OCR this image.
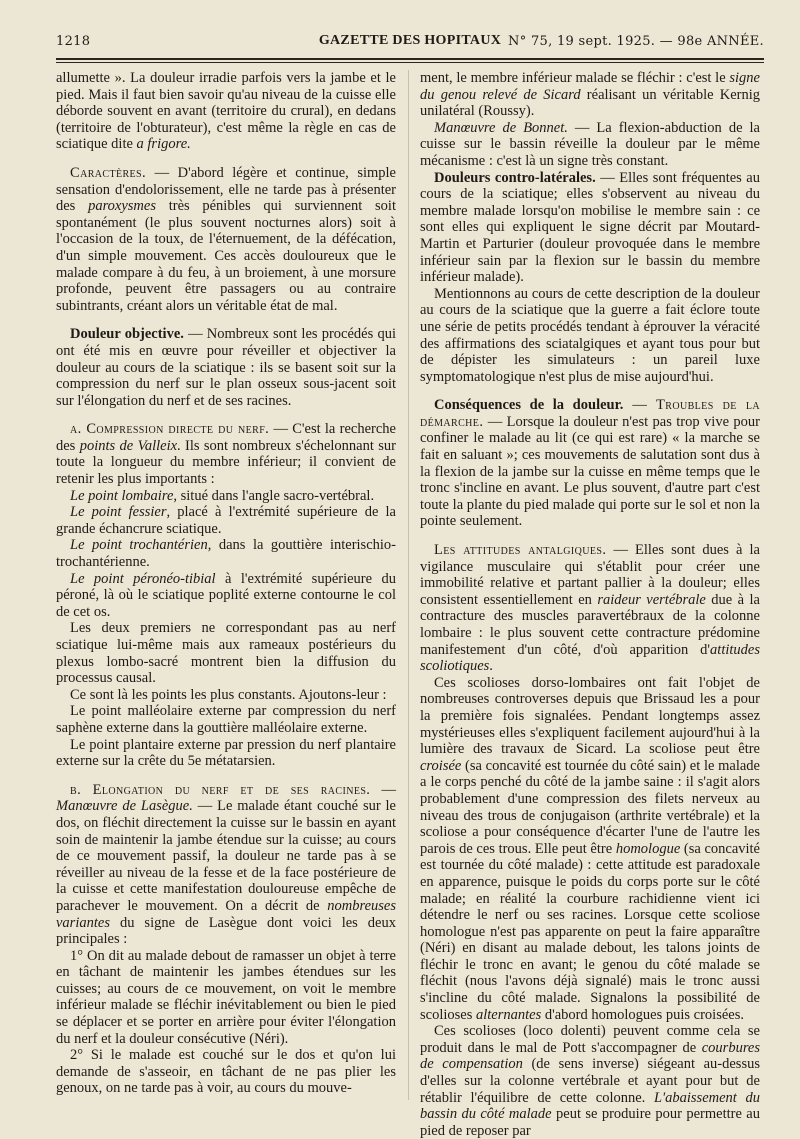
1218	GAZETTE DES HOPITAUX N° 75, 19 sept. 1925. — 98e ANNÉE.

allumette ». La douleur irradie parfois vers la jambe et le pied. Mais il faut bien savoir qu'au niveau de la cuisse elle déborde souvent en avant (territoire du crural), en dedans (territoire de l'obturateur), c'est même la règle en cas de sciatique dite a frigore.

Caractères. — D'abord légère et continue, simple sensation d'endolorissement, elle ne tarde pas à présenter des paroxysmes très pénibles qui surviennent soit spontanément (le plus souvent nocturnes alors) soit à l'occasion de la toux, de l'éternuement, de la défécation, d'un simple mouvement. Ces accès douloureux que le malade compare à du feu, à un broiement, à une morsure profonde, peuvent être passagers ou au contraire subintrants, créant alors un véritable état de mal.

Douleur objective. — Nombreux sont les procédés qui ont été mis en œuvre pour réveiller et objectiver la douleur au cours de la sciatique : ils se basent soit sur la compression du nerf sur le plan osseux sous-jacent soit sur l'élongation du nerf et de ses racines.

a. Compression directe du nerf. — C'est la recherche des points de Valleix. Ils sont nombreux s'échelonnant sur toute la longueur du membre inférieur; il convient de retenir les plus importants :

Le point lombaire, situé dans l'angle sacro-vertébral.

Le point fessier, placé à l'extrémité supérieure de la grande échancrure sciatique.

Le point trochantérien, dans la gouttière interischio-trochantérienne.

Le point péronéo-tibial à l'extrémité supérieure du péroné, là où le sciatique poplité externe contourne le col de cet os.

Les deux premiers ne correspondant pas au nerf sciatique lui-même mais aux rameaux postérieurs du plexus lombo-sacré montrent bien la diffusion du processus causal.

Ce sont là les points les plus constants. Ajoutons-leur :

Le point malléolaire externe par compression du nerf saphène externe dans la gouttière malléolaire externe.

Le point plantaire externe par pression du nerf plantaire externe sur la crête du 5e métatarsien.

b. Elongation du nerf et de ses racines. — Manœuvre de Lasègue. — Le malade étant couché sur le dos, on fléchit directement la cuisse sur le bassin en ayant soin de maintenir la jambe étendue sur la cuisse; au cours de ce mouvement passif, la douleur ne tarde pas à se réveiller au niveau de la fesse et de la face postérieure de la cuisse et cette manifestation douloureuse empêche de parachever le mouvement. On a décrit de nombreuses variantes du signe de Lasègue dont voici les deux principales :

1° On dit au malade debout de ramasser un objet à terre en tâchant de maintenir les jambes étendues sur les cuisses; au cours de ce mouvement, on voit le membre inférieur malade se fléchir inévitablement ou bien le pied se déplacer et se porter en arrière pour éviter l'élongation du nerf et la douleur consécutive (Néri).

2° Si le malade est couché sur le dos et qu'on lui demande de s'asseoir, en tâchant de ne pas plier les genoux, on ne tarde pas à voir, au cours du mouve-

ment, le membre inférieur malade se fléchir : c'est le signe du genou relevé de Sicard réalisant un véritable Kernig unilatéral (Roussy).

Manœuvre de Bonnet. — La flexion-abduction de la cuisse sur le bassin réveille la douleur par le même mécanisme : c'est là un signe très constant.

Douleurs contro-latérales. — Elles sont fréquentes au cours de la sciatique; elles s'observent au niveau du membre malade lorsqu'on mobilise le membre sain : ce sont elles qui expliquent le signe décrit par Moutard-Martin et Parturier (douleur provoquée dans le membre inférieur sain par la flexion sur le bassin du membre inférieur malade).

Mentionnons au cours de cette description de la douleur au cours de la sciatique que la guerre a fait éclore toute une série de petits procédés tendant à éprouver la véracité des affirmations des sciatalgiques et ayant tous pour but de dépister les simulateurs : un pareil luxe symptomatologique n'est plus de mise aujourd'hui.

Conséquences de la douleur. — Troubles de la démarche. — Lorsque la douleur n'est pas trop vive pour confiner le malade au lit (ce qui est rare) « la marche se fait en saluant »; ces mouvements de salutation sont dus à la flexion de la jambe sur la cuisse en même temps que le tronc s'incline en avant. Le plus souvent, d'autre part c'est toute la plante du pied malade qui porte sur le sol et non la pointe seulement.

Les attitudes antalgiques. — Elles sont dues à la vigilance musculaire qui s'établit pour créer une immobilité relative et partant pallier à la douleur; elles consistent essentiellement en raideur vertébrale due à la contracture des muscles paravertébraux de la colonne lombaire : le plus souvent cette contracture prédomine manifestement d'un côté, d'où apparition d'attitudes scoliotiques.

Ces scolioses dorso-lombaires ont fait l'objet de nombreuses controverses depuis que Brissaud les a pour la première fois signalées. Pendant longtemps assez mystérieuses elles s'expliquent facilement aujourd'hui à la lumière des travaux de Sicard. La scoliose peut être croisée (sa concavité est tournée du côté sain) et le malade a le corps penché du côté de la jambe saine : il s'agit alors probablement d'une compression des filets nerveux au niveau des trous de conjugaison (arthrite vertébrale) et la scoliose a pour conséquence d'écarter l'une de l'autre les parois de ces trous. Elle peut être homologue (sa concavité est tournée du côté malade) : cette attitude est paradoxale en apparence, puisque le poids du corps porte sur le côté malade; en réalité la courbure rachidienne vient ici détendre le nerf ou ses racines. Lorsque cette scoliose homologue n'est pas apparente on peut la faire apparaître (Néri) en disant au malade debout, les talons joints de fléchir le tronc en avant; le genou du côté malade se fléchit (nous l'avons déjà signalé) mais le tronc aussi s'incline du côté malade. Signalons la possibilité de scolioses alternantes d'abord homologues puis croisées.

Ces scolioses (loco dolenti) peuvent comme cela se produit dans le mal de Pott s'accompagner de courbures de compensation (de sens inverse) siégeant au-dessus d'elles sur la colonne vertébrale et ayant pour but de rétablir l'équilibre de cette colonne. L'abaissement du bassin du côté malade peut se produire pour permettre au pied de reposer par
